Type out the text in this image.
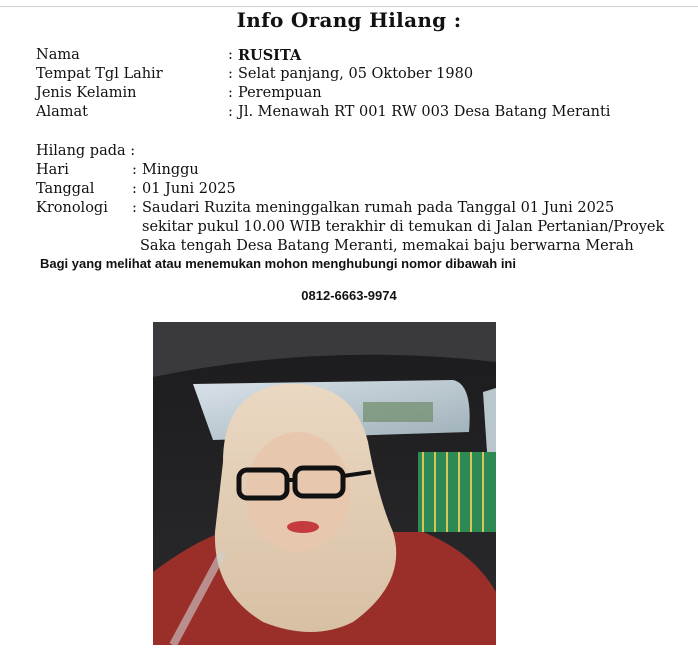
Info Orang Hilang :
Nama	: RUSITA
Tempat Tgl Lahir	: Selat panjang, 05 Oktober 1980
Jenis Kelamin	: Perempuan
Alamat	: Jl. Menawah RT 001 RW 003 Desa Batang Meranti
Hilang pada :
Hari	: Minggu
Tanggal	: 01 Juni 2025
Kronologi : Saudari Ruzita meninggalkan rumah pada Tanggal 01 Juni 2025
sekitar pukul 10.00 WIB terakhir di temukan di Jalan Pertanian/Proyek
Saka tengah Desa Batang Meranti, memakai baju berwarna Merah
Bagi yang melihat atau menemukan mohon menghubungi nomor dibawah ini
0812-6663-9974
